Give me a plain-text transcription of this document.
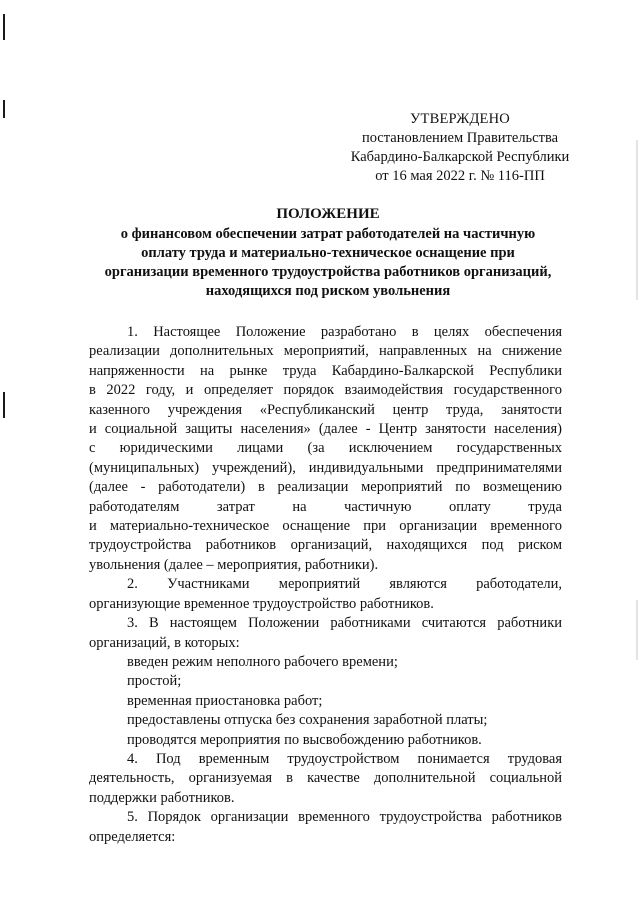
УТВЕРЖДЕНО
постановлением Правительства
Кабардино-Балкарской Республики
от 16 мая 2022 г. № 116-ПП
ПОЛОЖЕНИЕ
о финансовом обеспечении затрат работодателей на частичную
оплату труда и материально-техническое оснащение при
организации временного трудоустройства работников организаций,
находящихся под риском увольнения

1. Настоящее Положение разработано в целях обеспечения

реализации дополнительных мероприятий, направленных на снижение

напряженности на рынке труда Кабардино-Балкарской Республики

в 2022 году, и определяет порядок взаимодействия государственного

казенного учреждения «Республиканский центр труда, занятости

и социальной защиты населения» (далее - Центр занятости населения)

с юридическими лицами (за исключением государственных

(муниципальных) учреждений), индивидуальными предпринимателями

(далее - работодатели) в реализации мероприятий по возмещению

работодателям затрат на частичную оплату труда

и материально-техническое оснащение при организации временного

трудоустройства работников организаций, находящихся под риском

увольнения (далее – мероприятия, работники).

2. Участниками мероприятий являются работодатели,

организующие временное трудоустройство работников.

3. В настоящем Положении работниками считаются работники

организаций, в которых:

введен режим неполного рабочего времени;

простой;

временная приостановка работ;

предоставлены отпуска без сохранения заработной платы;

проводятся мероприятия по высвобождению работников.

4. Под временным трудоустройством понимается трудовая

деятельность, организуемая в качестве дополнительной социальной

поддержки работников.

5. Порядок организации временного трудоустройства работников

определяется:
